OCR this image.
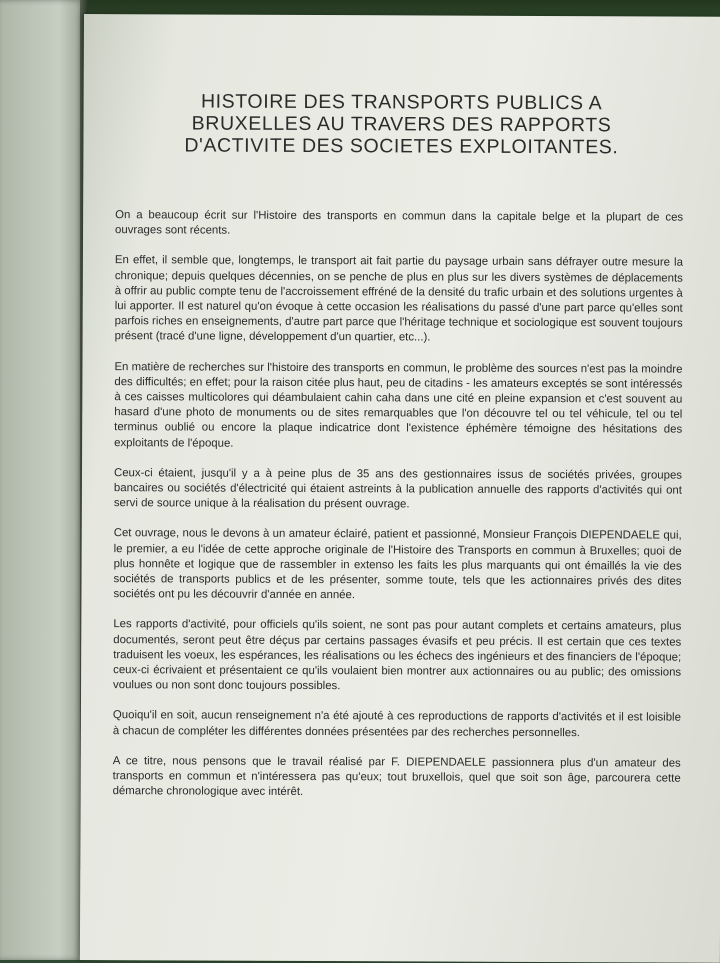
HISTOIRE DES TRANSPORTS PUBLICS A
BRUXELLES AU TRAVERS DES RAPPORTS
D'ACTIVITE DES SOCIETES EXPLOITANTES.

On a beaucoup écrit sur l'Histoire des transports en commun dans la capitale belge et la plupart de ces ouvrages sont récents.

En effet, il semble que, longtemps, le transport ait fait partie du paysage urbain sans défrayer outre mesure la chronique; depuis quelques décennies, on se penche de plus en plus sur les divers systèmes de déplacements à offrir au public compte tenu de l'accroissement effréné de la densité du trafic urbain et des solutions urgentes à lui apporter. Il est naturel qu'on évoque à cette occasion les réalisations du passé d'une part parce qu'elles sont parfois riches en enseignements, d'autre part parce que l'héritage technique et sociologique est souvent toujours présent (tracé d'une ligne, développement d'un quartier, etc...).

En matière de recherches sur l'histoire des transports en commun, le problème des sources n'est pas la moindre des difficultés; en effet; pour la raison citée plus haut, peu de citadins - les amateurs exceptés se sont intéressés à ces caisses multicolores qui déambulaient cahin caha dans une cité en pleine expansion et c'est souvent au hasard d'une photo de monuments ou de sites remarquables que l'on découvre tel ou tel véhicule, tel ou tel terminus oublié ou encore la plaque indicatrice dont l'existence éphémère témoigne des hésitations des exploitants de l'époque.

Ceux-ci étaient, jusqu'il y a à peine plus de 35 ans des gestionnaires issus de sociétés privées, groupes bancaires ou sociétés d'électricité qui étaient astreints à la publication annuelle des rapports d'activités qui ont servi de source unique à la réalisation du présent ouvrage.

Cet ouvrage, nous le devons à un amateur éclairé, patient et passionné, Monsieur François DIEPENDAELE qui, le premier, a eu l'idée de cette approche originale de l'Histoire des Transports en commun à Bruxelles; quoi de plus honnête et logique que de rassembler in extenso les faits les plus marquants qui ont émaillés la vie des sociétés de transports publics et de les présenter, somme toute, tels que les actionnaires privés des dites sociétés ont pu les découvrir d'année en année.

Les rapports d'activité, pour officiels qu'ils soient, ne sont pas pour autant complets et certains amateurs, plus documentés, seront peut être déçus par certains passages évasifs et peu précis. Il est certain que ces textes traduisent les voeux, les espérances, les réalisations ou les échecs des ingénieurs et des financiers de l'époque; ceux-ci écrivaient et présentaient ce qu'ils voulaient bien montrer aux actionnaires ou au public; des omissions voulues ou non sont donc toujours possibles.

Quoiqu'il en soit, aucun renseignement n'a été ajouté à ces reproductions de rapports d'activités et il est loisible à chacun de compléter les différentes données présentées par des recherches personnelles.

A ce titre, nous pensons que le travail réalisé par F. DIEPENDAELE passionnera plus d'un amateur des transports en commun et n'intéressera pas qu'eux; tout bruxellois, quel que soit son âge, parcourera cette démarche chronologique avec intérêt.
